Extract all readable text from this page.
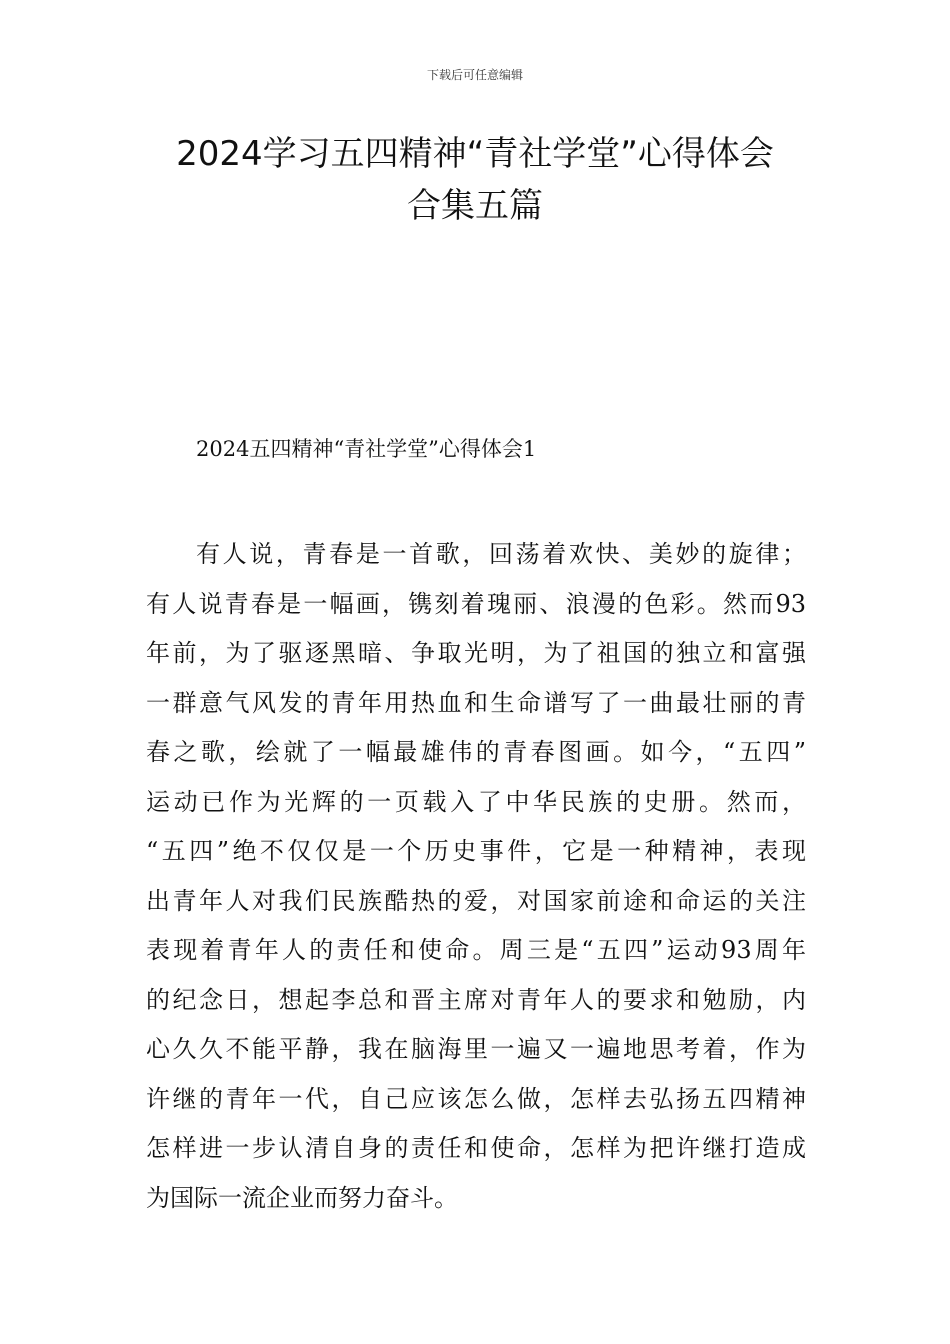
下载后可任意编辑
2024学习五四精神“青社学堂”心得体会
合集五篇
2024五四精神“青社学堂”心得体会1
有人说，青春是一首歌，回荡着欢快、美妙的旋律；
有人说青春是一幅画，镌刻着瑰丽、浪漫的色彩。然而93
年前，为了驱逐黑暗、争取光明，为了祖国的独立和富强
一群意气风发的青年用热血和生命谱写了一曲最壮丽的青
春之歌，绘就了一幅最雄伟的青春图画。如今，“五四”
运动已作为光辉的一页载入了中华民族的史册。然而，
“五四”绝不仅仅是一个历史事件，它是一种精神，表现
出青年人对我们民族酷热的爱，对国家前途和命运的关注
表现着青年人的责任和使命。周三是“五四”运动93周年
的纪念日，想起李总和晋主席对青年人的要求和勉励，内
心久久不能平静，我在脑海里一遍又一遍地思考着，作为
许继的青年一代，自己应该怎么做，怎样去弘扬五四精神
怎样进一步认清自身的责任和使命，怎样为把许继打造成
为国际一流企业而努力奋斗。
